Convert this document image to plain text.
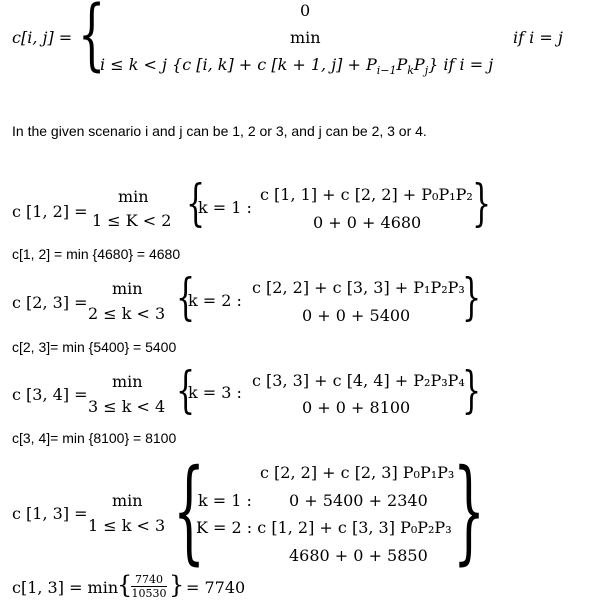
c[i, j] = {	0
min	if i = j
i ≤ k < j {c [i, k] + c [k + 1, $j] + P_{i-1}P_kP_j$} if i = j
In the given scenario i and j can be 1, 2 or 3, and j can be 2, 3 or 4.
c [1, 2] =
min
1 ≤ K < 2 {
k = 1 :
c [1, 1] + c [2, 2] + P₀P₁P₂
0 + 0 + 4680 }
c[1, 2] = min {4680} = 4680
c [2, 3] =
min
2 ≤ k < 3 {
k = 2 :
c [2, 2] + c [3, 3] + P₁P₂P₃
0 + 0 + 5400 }
c[2, 3]= min {5400} = 5400
c [3, 4] =
min
3 ≤ k < 4 {
k = 3 :
c [3, 3] + c [4, 4] + P₂P₃P₄
0 + 0 + 8100 }
c[3, 4]= min {8100} = 8100
c [1, 3] =
min
1 ≤ k < 3 {	c [2, 2] + c [2, 3] P₀P₁P₃
k = 1 : 0 + 5400 + 2340
K = 2 : c [1, 2] + c [3, 3] P₀P₂P₃
4680 + 0 + 5850 }
c[1, 3] = min
{ 7740
10530 } = 7740
